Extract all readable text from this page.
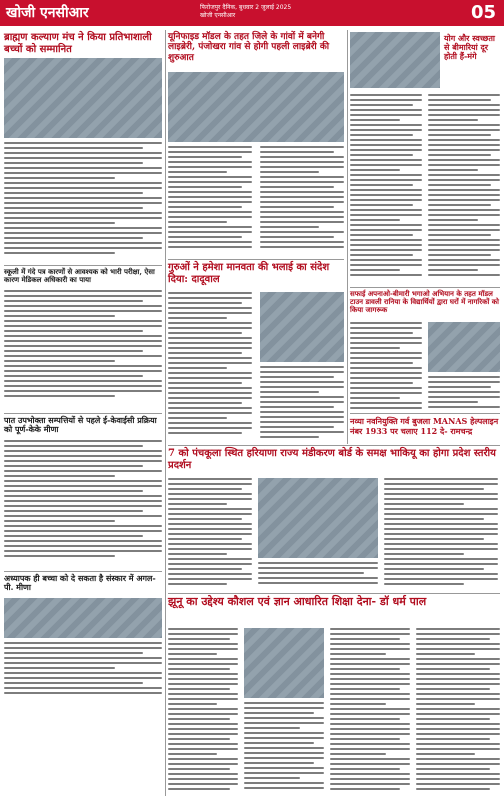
खोजी एनसीआर	फिरोजपुर दैनिक, बुधवार 2 जुलाई 2025
खोजी एनसीआर	05
ब्राह्मण कल्याण मंच ने किया प्रतिभाशाली बच्चों को सम्मानित
स्कूली में गंदे पत्र कारणों से आवश्यक को भारी परीक्षा, ऐसा कारण मेडिकल अधिकारी का पाया
पात उपभोक्ता सम्पत्तियों से पहले ई-केवाईसी प्रक्रिया को पूर्ण-केके मीणा
अध्यापक ही बच्चा को दे सकता है संस्कार में अगल-पी. मीणा
यूनिफाइड मॉडल के तहत जिले के गांवों में बनेगी लाइब्रेरी, पंजोखरा गांव से होगी पहली लाइब्रेरी की शुरुआत
गुरुओं ने हमेशा मानवता की भलाई का संदेश दिया: दादूवाल
7 को पंचकूला स्थित हरियाणा राज्य मंडीकरण बोर्ड के समक्ष भाकियू का होगा प्रदेश स्तरीय प्रदर्शन
योग और स्वच्छता से बीमारियां दूर होती हैं-मंगे
सफाई अपनाओ-बीमारी भगाओ अभियान के तहत मॉडल टाउन डावली रानिया के विद्यार्थियों द्वारा घरों में नागरिकों को किया जागरूक
नव्या नवनियुक्ति गर्व बुजला MANAS हेल्पलाइन नंबर 1933 पर चलाए 112 दे- रामचन्द्र
झूनू का उद्देश्य कौशल एवं ज्ञान आधारित शिक्षा देना- डॉ धर्म पाल
